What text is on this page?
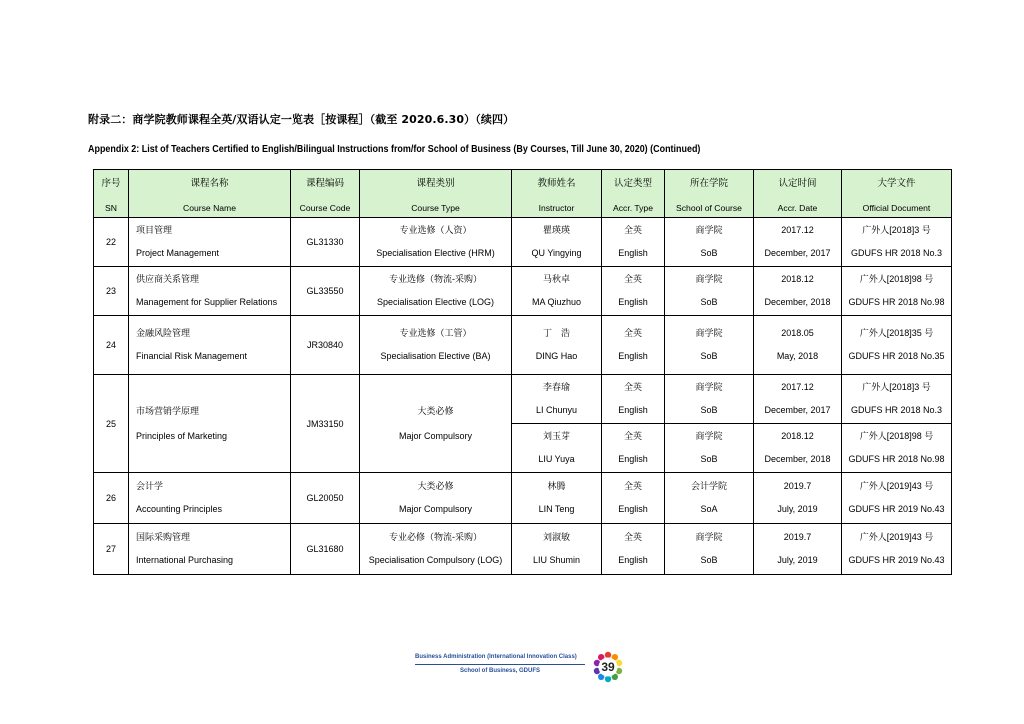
附录二：商学院教师课程全英/双语认定一览表［按课程］（截至 2020.6.30）（续四）
Appendix 2: List of Teachers Certified to English/Bilingual Instructions from/for School of Business (By Courses, Till June 30, 2020) (Continued)
序号
SN	课程名称
Course Name	课程编码
Course Code	课程类别
Course Type	教师姓名
Instructor	认定类型
Accr. Type	所在学院
School of Course	认定时间
Accr. Date	大学文件
Official Document

22	项目管理
Project Management	GL31330	专业选修（人资）
Specialisation Elective (HRM)	瞿瑛瑛
QU Yingying	全英
English	商学院
SoB	2017.12
December, 2017	广外人[2018]3 号
GDUFS HR 2018 No.3

23	供应商关系管理
Management for Supplier Relations	GL33550	专业选修（物流-采购）
Specialisation Elective (LOG)	马秋卓
MA Qiuzhuo	全英
English	商学院
SoB	2018.12
December, 2018	广外人[2018]98 号
GDUFS HR 2018 No.98

24	金融风险管理
Financial Risk Management	JR30840	专业选修（工管）
Specialisation Elective (BA)	丁　浩
DING Hao	全英
English	商学院
SoB	2018.05
May, 2018	广外人[2018]35 号
GDUFS HR 2018 No.35

25	市场营销学原理
Principles of Marketing	JM33150	大类必修
Major Compulsory	李春瑜
LI Chunyu	全英
English	商学院
SoB	2017.12
December, 2017	广外人[2018]3 号
GDUFS HR 2018 No.3

				刘玉芽
LIU Yuya	全英
English	商学院
SoB	2018.12
December, 2018	广外人[2018]98 号
GDUFS HR 2018 No.98

26	会计学
Accounting Principles	GL20050	大类必修
Major Compulsory	林腾
LIN Teng	全英
English	会计学院
SoA	2019.7
July, 2019	广外人[2019]43 号
GDUFS HR 2019 No.43

27	国际采购管理
International Purchasing	GL31680	专业必修（物流-采购）
Specialisation Compulsory (LOG)	刘淑敏
LIU Shumin	全英
English	商学院
SoB	2019.7
July, 2019	广外人[2019]43 号
GDUFS HR 2019 No.43
Business Administration (International Innovation Class)
School of Business, GDUFS	39
